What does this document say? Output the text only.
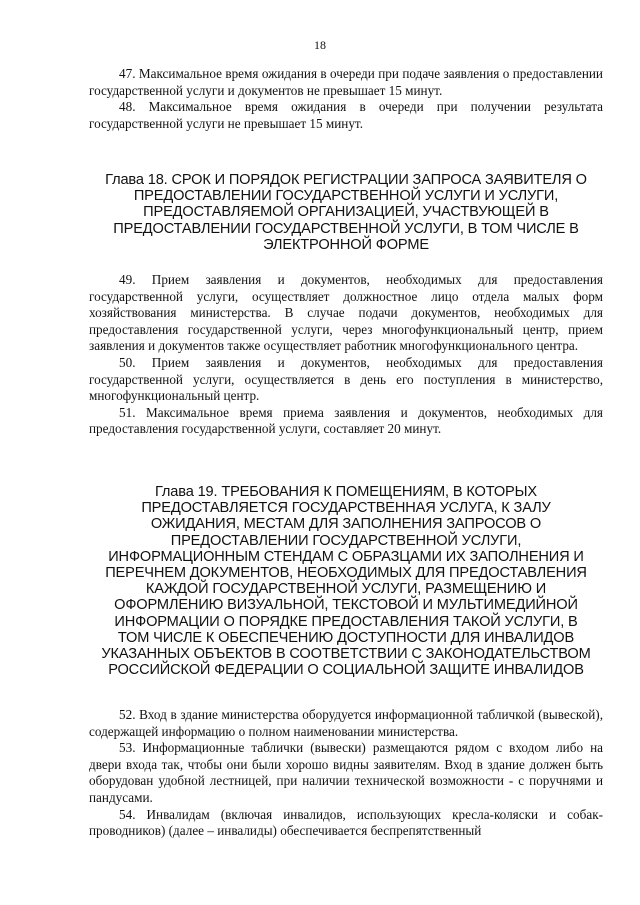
18

47. Максимальное время ожидания в очереди при подаче заявления о предоставлении государственной услуги и документов не превышает 15 минут.

48. Максимальное время ожидания в очереди при получении результата государственной услуги не превышает 15 минут.

Глава 18. СРОК И ПОРЯДОК РЕГИСТРАЦИИ ЗАПРОСА ЗАЯВИТЕЛЯ О
ПРЕДОСТАВЛЕНИИ ГОСУДАРСТВЕННОЙ УСЛУГИ И УСЛУГИ,
ПРЕДОСТАВЛЯЕМОЙ ОРГАНИЗАЦИЕЙ, УЧАСТВУЮЩЕЙ В
ПРЕДОСТАВЛЕНИИ ГОСУДАРСТВЕННОЙ УСЛУГИ, В ТОМ ЧИСЛЕ В
ЭЛЕКТРОННОЙ ФОРМЕ

49. Прием заявления и документов, необходимых для предоставления государственной услуги, осуществляет должностное лицо отдела малых форм хозяйствования министерства. В случае подачи документов, необходимых для предоставления государственной услуги, через многофункциональный центр, прием заявления и документов также осуществляет работник многофункционального центра.

50. Прием заявления и документов, необходимых для предоставления государственной услуги, осуществляется в день его поступления в министерство, многофункциональный центр.

51. Максимальное время приема заявления и документов, необходимых для предоставления государственной услуги, составляет 20 минут.

Глава 19. ТРЕБОВАНИЯ К ПОМЕЩЕНИЯМ, В КОТОРЫХ
ПРЕДОСТАВЛЯЕТСЯ ГОСУДАРСТВЕННАЯ УСЛУГА, К ЗАЛУ
ОЖИДАНИЯ, МЕСТАМ ДЛЯ ЗАПОЛНЕНИЯ ЗАПРОСОВ О
ПРЕДОСТАВЛЕНИИ ГОСУДАРСТВЕННОЙ УСЛУГИ,
ИНФОРМАЦИОННЫМ СТЕНДАМ С ОБРАЗЦАМИ ИХ ЗАПОЛНЕНИЯ И
ПЕРЕЧНЕМ ДОКУМЕНТОВ, НЕОБХОДИМЫХ ДЛЯ ПРЕДОСТАВЛЕНИЯ
КАЖДОЙ ГОСУДАРСТВЕННОЙ УСЛУГИ, РАЗМЕЩЕНИЮ И
ОФОРМЛЕНИЮ ВИЗУАЛЬНОЙ, ТЕКСТОВОЙ И МУЛЬТИМЕДИЙНОЙ
ИНФОРМАЦИИ О ПОРЯДКЕ ПРЕДОСТАВЛЕНИЯ ТАКОЙ УСЛУГИ, В
ТОМ ЧИСЛЕ К ОБЕСПЕЧЕНИЮ ДОСТУПНОСТИ ДЛЯ ИНВАЛИДОВ
УКАЗАННЫХ ОБЪЕКТОВ В СООТВЕТСТВИИ С ЗАКОНОДАТЕЛЬСТВОМ
РОССИЙСКОЙ ФЕДЕРАЦИИ О СОЦИАЛЬНОЙ ЗАЩИТЕ ИНВАЛИДОВ

52. Вход в здание министерства оборудуется информационной табличкой (вывеской), содержащей информацию о полном наименовании министерства.

53. Информационные таблички (вывески) размещаются рядом с входом либо на двери входа так, чтобы они были хорошо видны заявителям. Вход в здание должен быть оборудован удобной лестницей, при наличии технической возможности - с поручнями и пандусами.

54. Инвалидам (включая инвалидов, использующих кресла-коляски и собак-проводников) (далее – инвалиды) обеспечивается беспрепятственный
